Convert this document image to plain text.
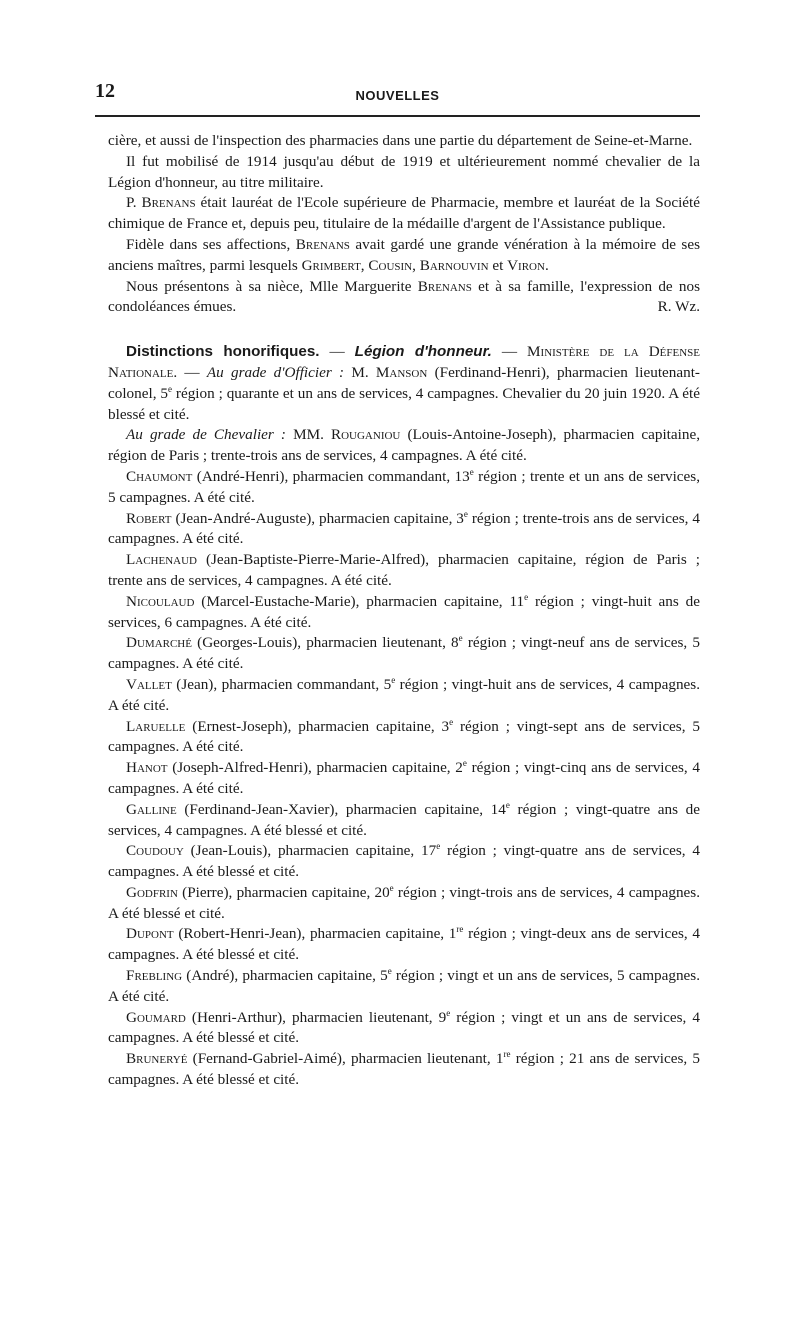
12	NOUVELLES

cière, et aussi de l'inspection des pharmacies dans une partie du département de Seine-et-Marne.

Il fut mobilisé de 1914 jusqu'au début de 1919 et ultérieurement nommé chevalier de la Légion d'honneur, au titre militaire.

P. Brenans était lauréat de l'Ecole supérieure de Pharmacie, membre et lauréat de la Société chimique de France et, depuis peu, titulaire de la médaille d'argent de l'Assistance publique.

Fidèle dans ses affections, Brenans avait gardé une grande vénération à la mémoire de ses anciens maîtres, parmi lesquels Grimbert, Cousin, Barnouvin et Viron.

Nous présentons à sa nièce, Mlle Marguerite Brenans et à sa famille, l'expression de nos condoléances émues.	R. Wz.

Distinctions honorifiques. — Légion d'honneur. — Ministère de la Défense Nationale. — Au grade d'Officier : M. Manson (Ferdinand-Henri), pharmacien lieutenant-colonel, 5e région ; quarante et un ans de services, 4 campagnes. Chevalier du 20 juin 1920. A été blessé et cité.

Au grade de Chevalier : MM. Rouganiou (Louis-Antoine-Joseph), pharmacien capitaine, région de Paris ; trente-trois ans de services, 4 campagnes. A été cité.

Chaumont (André-Henri), pharmacien commandant, 13e région ; trente et un ans de services, 5 campagnes. A été cité.

Robert (Jean-André-Auguste), pharmacien capitaine, 3e région ; trente-trois ans de services, 4 campagnes. A été cité.

Lachenaud (Jean-Baptiste-Pierre-Marie-Alfred), pharmacien capitaine, région de Paris ; trente ans de services, 4 campagnes. A été cité.

Nicoulaud (Marcel-Eustache-Marie), pharmacien capitaine, 11e région ; vingt-huit ans de services, 6 campagnes. A été cité.

Dumarché (Georges-Louis), pharmacien lieutenant, 8e région ; vingt-neuf ans de services, 5 campagnes. A été cité.

Vallet (Jean), pharmacien commandant, 5e région ; vingt-huit ans de services, 4 campagnes. A été cité.

Laruelle (Ernest-Joseph), pharmacien capitaine, 3e région ; vingt-sept ans de services, 5 campagnes. A été cité.

Hanot (Joseph-Alfred-Henri), pharmacien capitaine, 2e région ; vingt-cinq ans de services, 4 campagnes. A été cité.

Galline (Ferdinand-Jean-Xavier), pharmacien capitaine, 14e région ; vingt-quatre ans de services, 4 campagnes. A été blessé et cité.

Coudouy (Jean-Louis), pharmacien capitaine, 17e région ; vingt-quatre ans de services, 4 campagnes. A été blessé et cité.

Godfrin (Pierre), pharmacien capitaine, 20e région ; vingt-trois ans de services, 4 campagnes. A été blessé et cité.

Dupont (Robert-Henri-Jean), pharmacien capitaine, 1re région ; vingt-deux ans de services, 4 campagnes. A été blessé et cité.

Frebling (André), pharmacien capitaine, 5e région ; vingt et un ans de services, 5 campagnes. A été cité.

Goumard (Henri-Arthur), pharmacien lieutenant, 9e région ; vingt et un ans de services, 4 campagnes. A été blessé et cité.

Bruneryé (Fernand-Gabriel-Aimé), pharmacien lieutenant, 1re région ; 21 ans de services, 5 campagnes. A été blessé et cité.
